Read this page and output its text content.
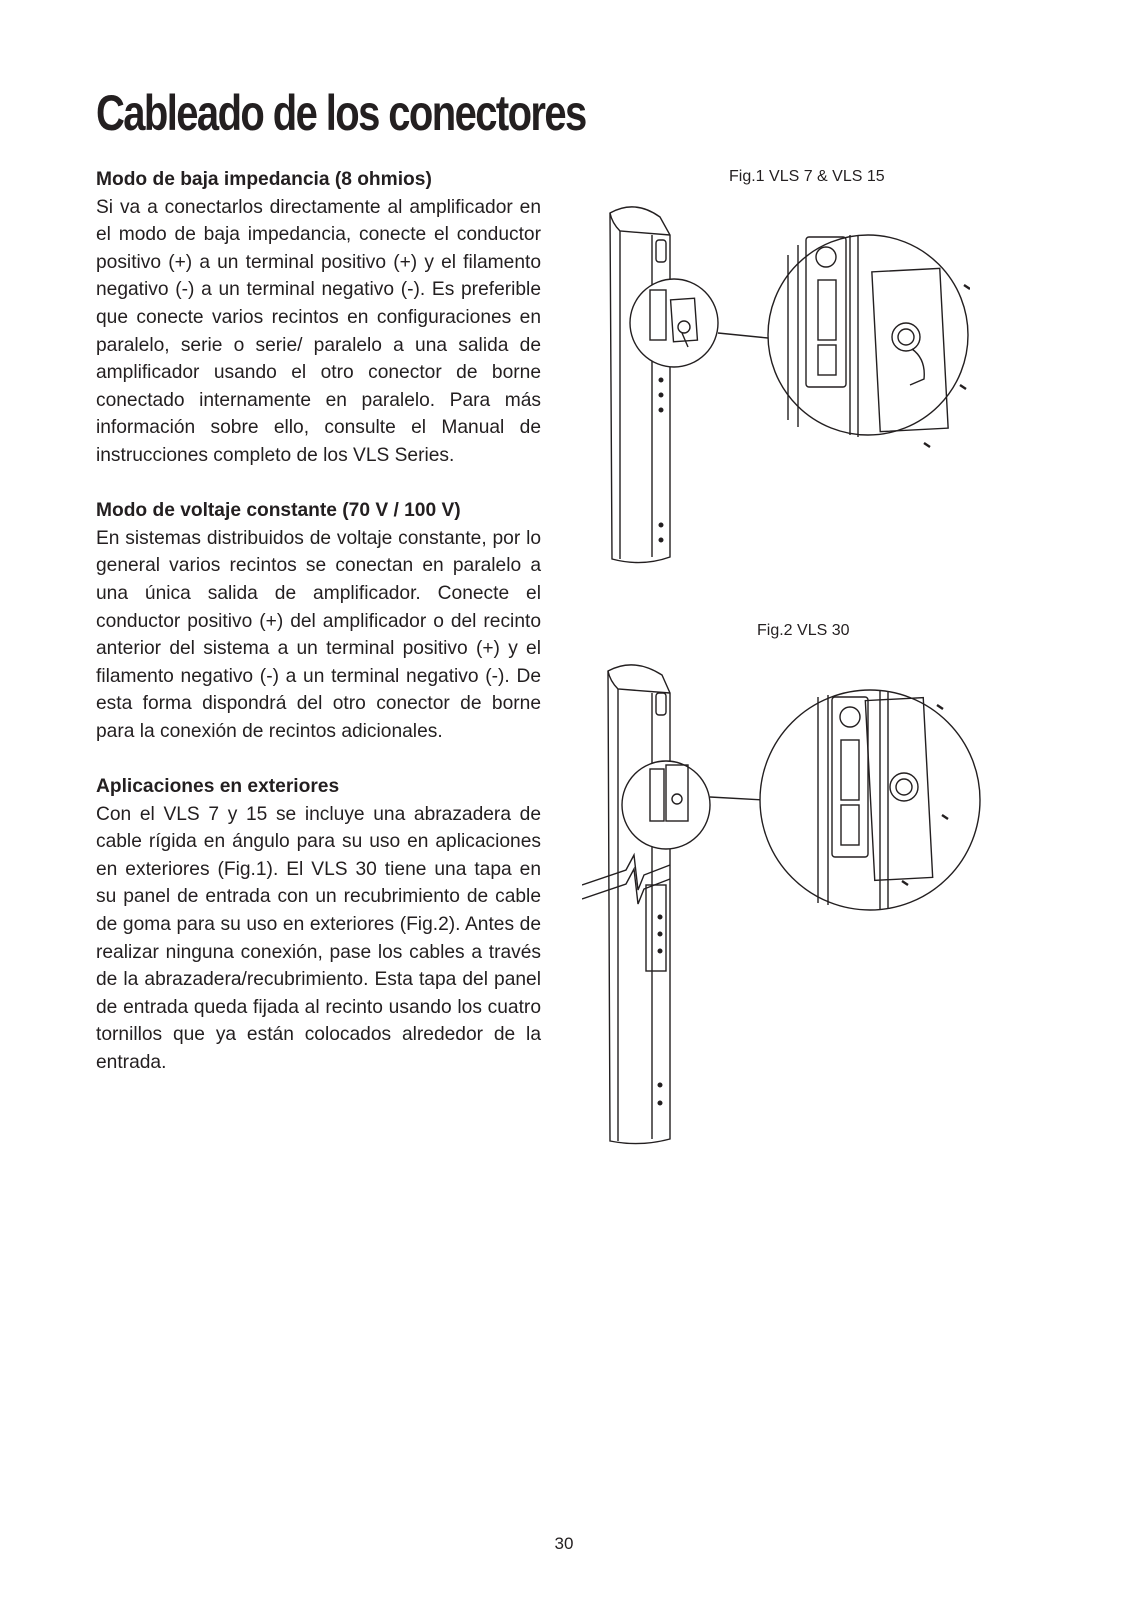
Cableado de los conectores
Modo de baja impedancia (8 ohmios)

Si va a conectarlos directamente al amplificador en el modo de baja impedancia, conecte el conductor positivo (+) a un terminal positivo (+) y el filamento negativo (-) a un terminal negativo (-). Es preferible que conecte varios recintos en configuraciones en paralelo, serie o serie/ paralelo a una salida de amplificador usando el otro conector de borne conectado internamente en paralelo. Para más información sobre ello, consulte el Manual de instrucciones completo de los VLS Series.

Modo de voltaje constante (70 V / 100 V)

En sistemas distribuidos de voltaje constante, por lo general varios recintos se conectan en paralelo a una única salida de amplificador. Conecte el conductor positivo (+) del amplificador o del recinto anterior del sistema a un terminal positivo (+) y el filamento negativo (-) a un terminal negativo (-). De esta forma dispondrá del otro conector de borne para la conexión de recintos adicionales.

Aplicaciones en exteriores

Con el VLS 7 y 15 se incluye una abrazadera de cable rígida en ángulo para su uso en aplicaciones en exteriores (Fig.1). El VLS 30 tiene una tapa en su panel de entrada con un recubrimiento de cable de goma para su uso en exteriores (Fig.2). Antes de realizar ninguna conexión, pase los cables a través de la abrazadera/recubrimiento. Esta tapa del panel de entrada queda fijada al recinto usando los cuatro tornillos que ya están colocados alrededor de la entrada.

Fig.1 VLS 7 & VLS 15
Fig.2 VLS 30
30
